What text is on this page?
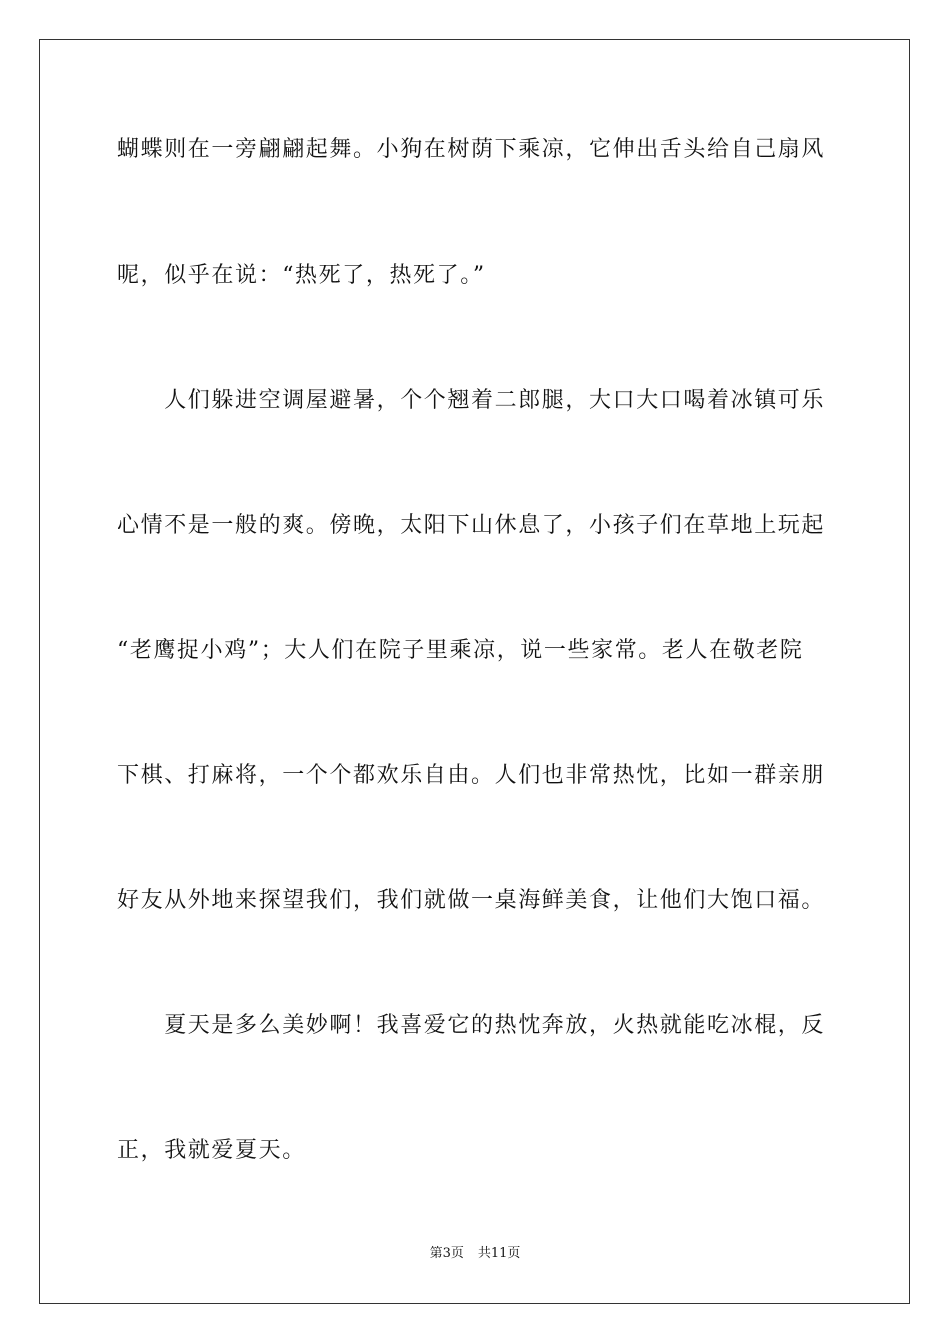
蝴蝶则在一旁翩翩起舞。小狗在树荫下乘凉，它伸出舌头给自己扇风
呢，似乎在说：“热死了，热死了。”
　　人们躲进空调屋避暑，个个翘着二郎腿，大口大口喝着冰镇可乐
心情不是一般的爽。傍晚，太阳下山休息了，小孩子们在草地上玩起
“老鹰捉小鸡”；大人们在院子里乘凉，说一些家常。老人在敬老院
下棋、打麻将，一个个都欢乐自由。人们也非常热忱，比如一群亲朋
好友从外地来探望我们，我们就做一桌海鲜美食，让他们大饱口福。
　　夏天是多么美妙啊！我喜爱它的热忱奔放，火热就能吃冰棍，反
正，我就爱夏天。
第3页 共11页
